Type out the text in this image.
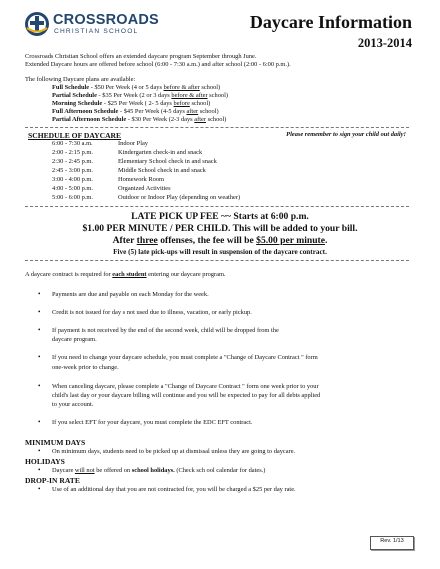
CROSSROADS
CHRISTIAN SCHOOL	Daycare Information
2013-2014
Crossroads Christian School offers an extended daycare program September through June.
Extended Daycare hours are offered before school (6:00 - 7:30 a.m.) and after school (2:00 - 6:00 p.m.).
The following Daycare plans are available:
Full Schedule - $50 Per Week (4 or 5 days before & after school)
Partial Schedule - $35 Per Week (2 or 3 days before & after school)
Morning Schedule - $25 Per Week ( 2- 5 days before school)
Full Afternoon Schedule - $45 Per Week (4-5 days after school)
Partial Afternoon Schedule - $30 Per Week (2-3 days after school)
SCHEDULE OF DAYCARE	Please remember to sign your child out daily!
6:00 - 7:30 a.m.	Indoor Play
2:00 - 2:15 p.m.	Kindergarten check-in and snack
2:30 - 2:45 p.m.	Elementary School check in and snack
2:45 - 3:00 p.m.	Middle School check in and snack
3:00 - 4:00 p.m.	Homework Room
4:00 - 5:00 p.m.	Organized Activities
5:00 - 6:00 p.m.	Outdoor or Indoor Play (depending on weather)
LATE PICK UP FEE ~~ Starts at 6:00 p.m.
$1.00 PER MINUTE / PER CHILD. This will be added to your bill.
After three offenses, the fee will be $5.00 per minute.
Five (5) late pick-ups will result in suspension of the daycare contract.
A daycare contract is required for each student entering our daycare program.
• Payments are due and payable on each Monday for the week.
• Credit is not issued for day s not used due to illness, vacation, or early pickup.
• If payment is not received by the end of the second week, child will be dropped from the
daycare program.
• If you need to change your daycare schedule, you must complete a "Change of Daycare Contract " form
one-week prior to change.
• When canceling daycare, please complete a "Change of Daycare Contract " form one week prior to your
child's last day or your daycare billing will continue and you will be expected to pay for all debts applied
to your account.
• If you select EFT for your daycare, you must complete the EDC EFT contract.
MINIMUM DAYS
• On minimum days, students need to be picked up at dismissal unless they are going to daycare.
HOLIDAYS
• Daycare will not be offered on school holidays. (Check sch ool calendar for dates.)
DROP-IN RATE
• Use of an additional day that you are not contracted for, you will be charged a $25 per day rate.
Rev. 1/13
